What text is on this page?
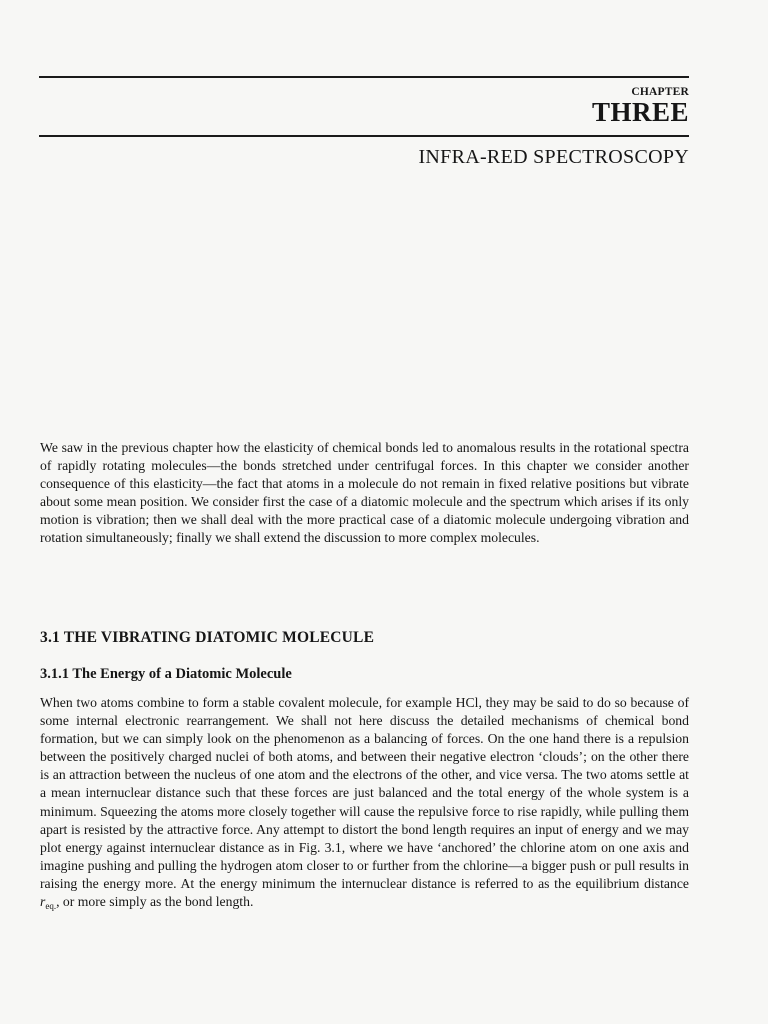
CHAPTER
THREE
INFRA-RED SPECTROSCOPY

We saw in the previous chapter how the elasticity of chemical bonds led to anomalous results in the rotational spectra of rapidly rotating molecules—the bonds stretched under centrifugal forces. In this chapter we consider another consequence of this elasticity—the fact that atoms in a molecule do not remain in fixed relative positions but vibrate about some mean position. We consider first the case of a diatomic molecule and the spectrum which arises if its only motion is vibration; then we shall deal with the more practical case of a diatomic molecule undergoing vibration and rotation simultaneously; finally we shall extend the discussion to more complex molecules.

3.1 THE VIBRATING DIATOMIC MOLECULE
3.1.1 The Energy of a Diatomic Molecule

When two atoms combine to form a stable covalent molecule, for example HCl, they may be said to do so because of some internal electronic rearrangement. We shall not here discuss the detailed mechanisms of chemical bond formation, but we can simply look on the phenomenon as a balancing of forces. On the one hand there is a repulsion between the positively charged nuclei of both atoms, and between their negative electron ‘clouds’; on the other there is an attraction between the nucleus of one atom and the electrons of the other, and vice versa. The two atoms settle at a mean internuclear distance such that these forces are just balanced and the total energy of the whole system is a minimum. Squeezing the atoms more closely together will cause the repulsive force to rise rapidly, while pulling them apart is resisted by the attractive force. Any attempt to distort the bond length requires an input of energy and we may plot energy against internuclear distance as in Fig. 3.1, where we have ‘anchored’ the chlorine atom on one axis and imagine pushing and pulling the hydrogen atom closer to or further from the chlorine—a bigger push or pull results in raising the energy more. At the energy minimum the internuclear distance is referred to as the equilibrium distance $r_{eq.}$, or more simply as the bond length.
